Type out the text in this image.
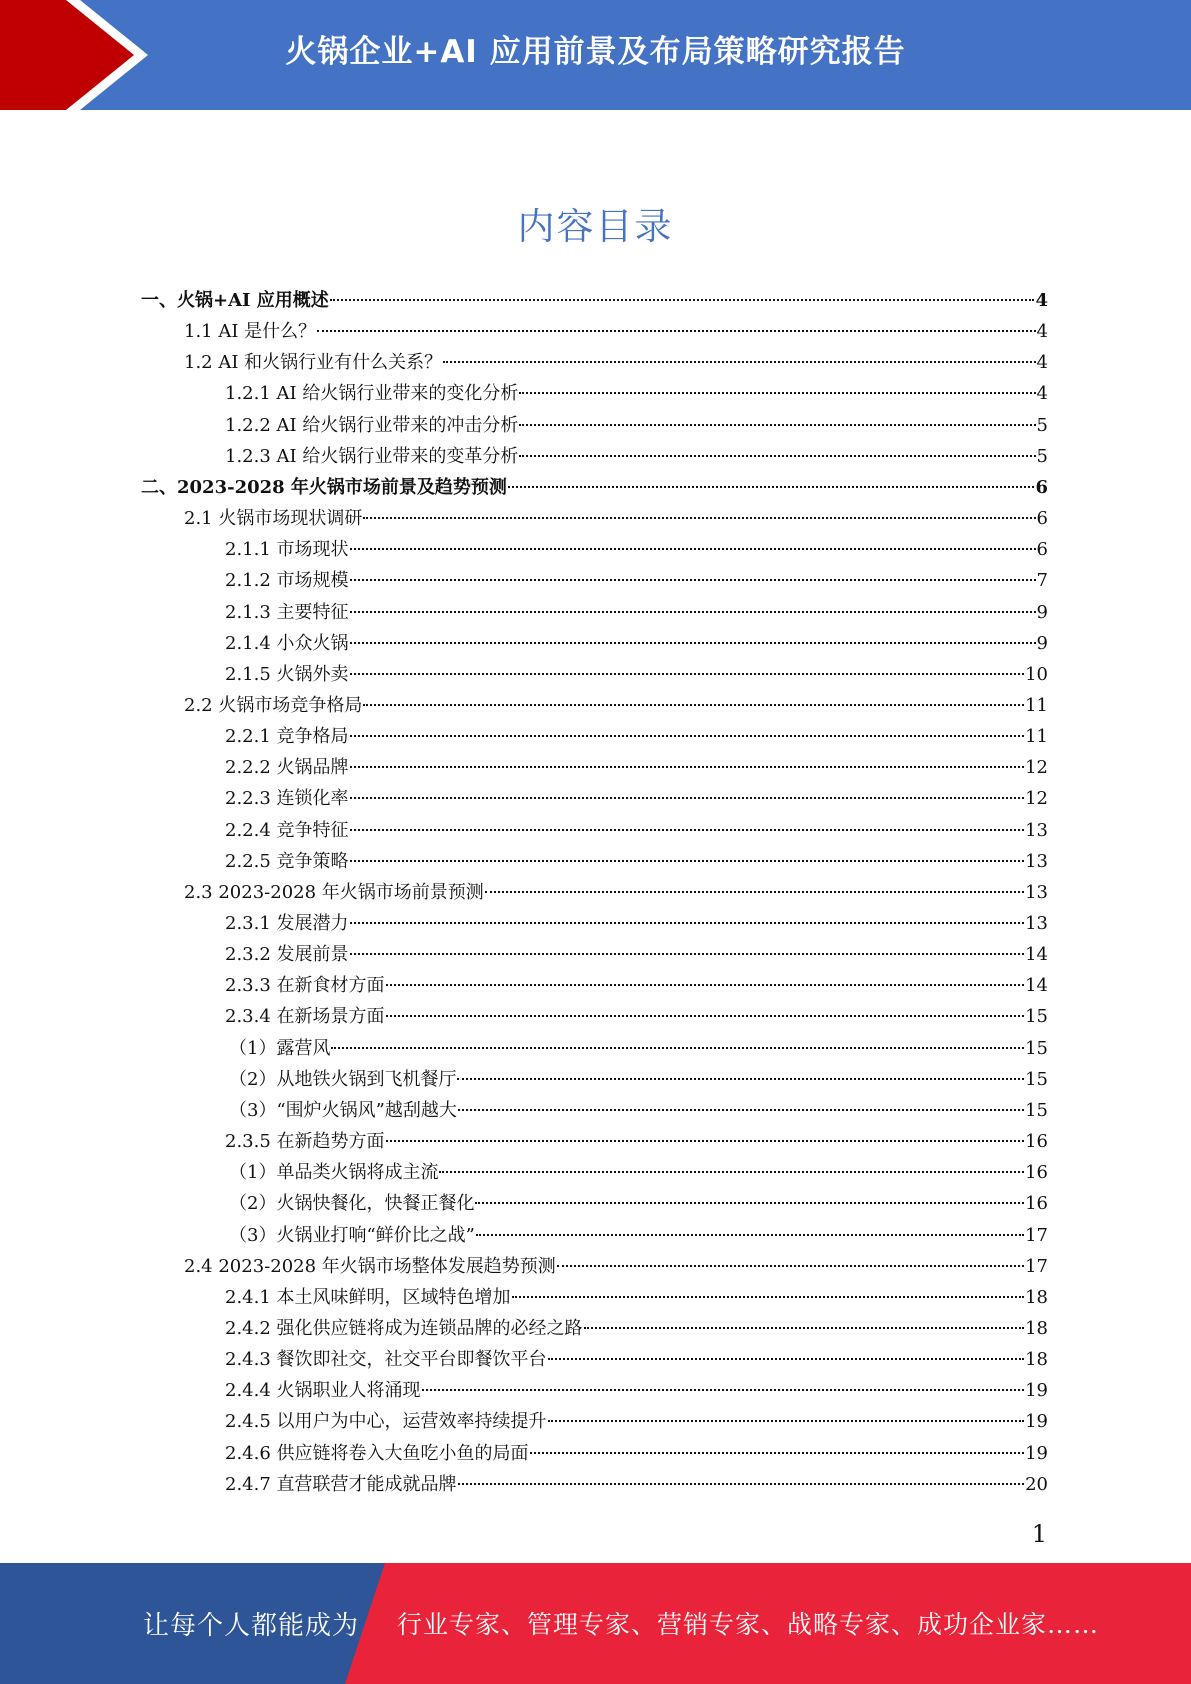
火锅企业+AI 应用前景及布局策略研究报告
内容目录
一、火锅+AI 应用概述	4
1.1 AI 是什么？	4
1.2 AI 和火锅行业有什么关系？	4
1.2.1 AI 给火锅行业带来的变化分析	4
1.2.2 AI 给火锅行业带来的冲击分析	5
1.2.3 AI 给火锅行业带来的变革分析	5
二、2023-2028 年火锅市场前景及趋势预测	6
2.1 火锅市场现状调研	6
2.1.1 市场现状	6
2.1.2 市场规模	7
2.1.3 主要特征	9
2.1.4 小众火锅	9
2.1.5 火锅外卖	10
2.2 火锅市场竞争格局	11
2.2.1 竞争格局	11
2.2.2 火锅品牌	12
2.2.3 连锁化率	12
2.2.4 竞争特征	13
2.2.5 竞争策略	13
2.3 2023-2028 年火锅市场前景预测	13
2.3.1 发展潜力	13
2.3.2 发展前景	14
2.3.3 在新食材方面	14
2.3.4 在新场景方面	15
（1）露营风	15
（2）从地铁火锅到飞机餐厅	15
（3）“围炉火锅风”越刮越大	15
2.3.5 在新趋势方面	16
（1）单品类火锅将成主流	16
（2）火锅快餐化，快餐正餐化	16
（3）火锅业打响“鲜价比之战”	17
2.4 2023-2028 年火锅市场整体发展趋势预测	17
2.4.1 本土风味鲜明，区域特色增加	18
2.4.2 强化供应链将成为连锁品牌的必经之路	18
2.4.3 餐饮即社交，社交平台即餐饮平台	18
2.4.4 火锅职业人将涌现	19
2.4.5 以用户为中心，运营效率持续提升	19
2.4.6 供应链将卷入大鱼吃小鱼的局面	19
2.4.7 直营联营才能成就品牌	20
1
让每个人都能成为 行业专家、管理专家、营销专家、战略专家、成功企业家……
